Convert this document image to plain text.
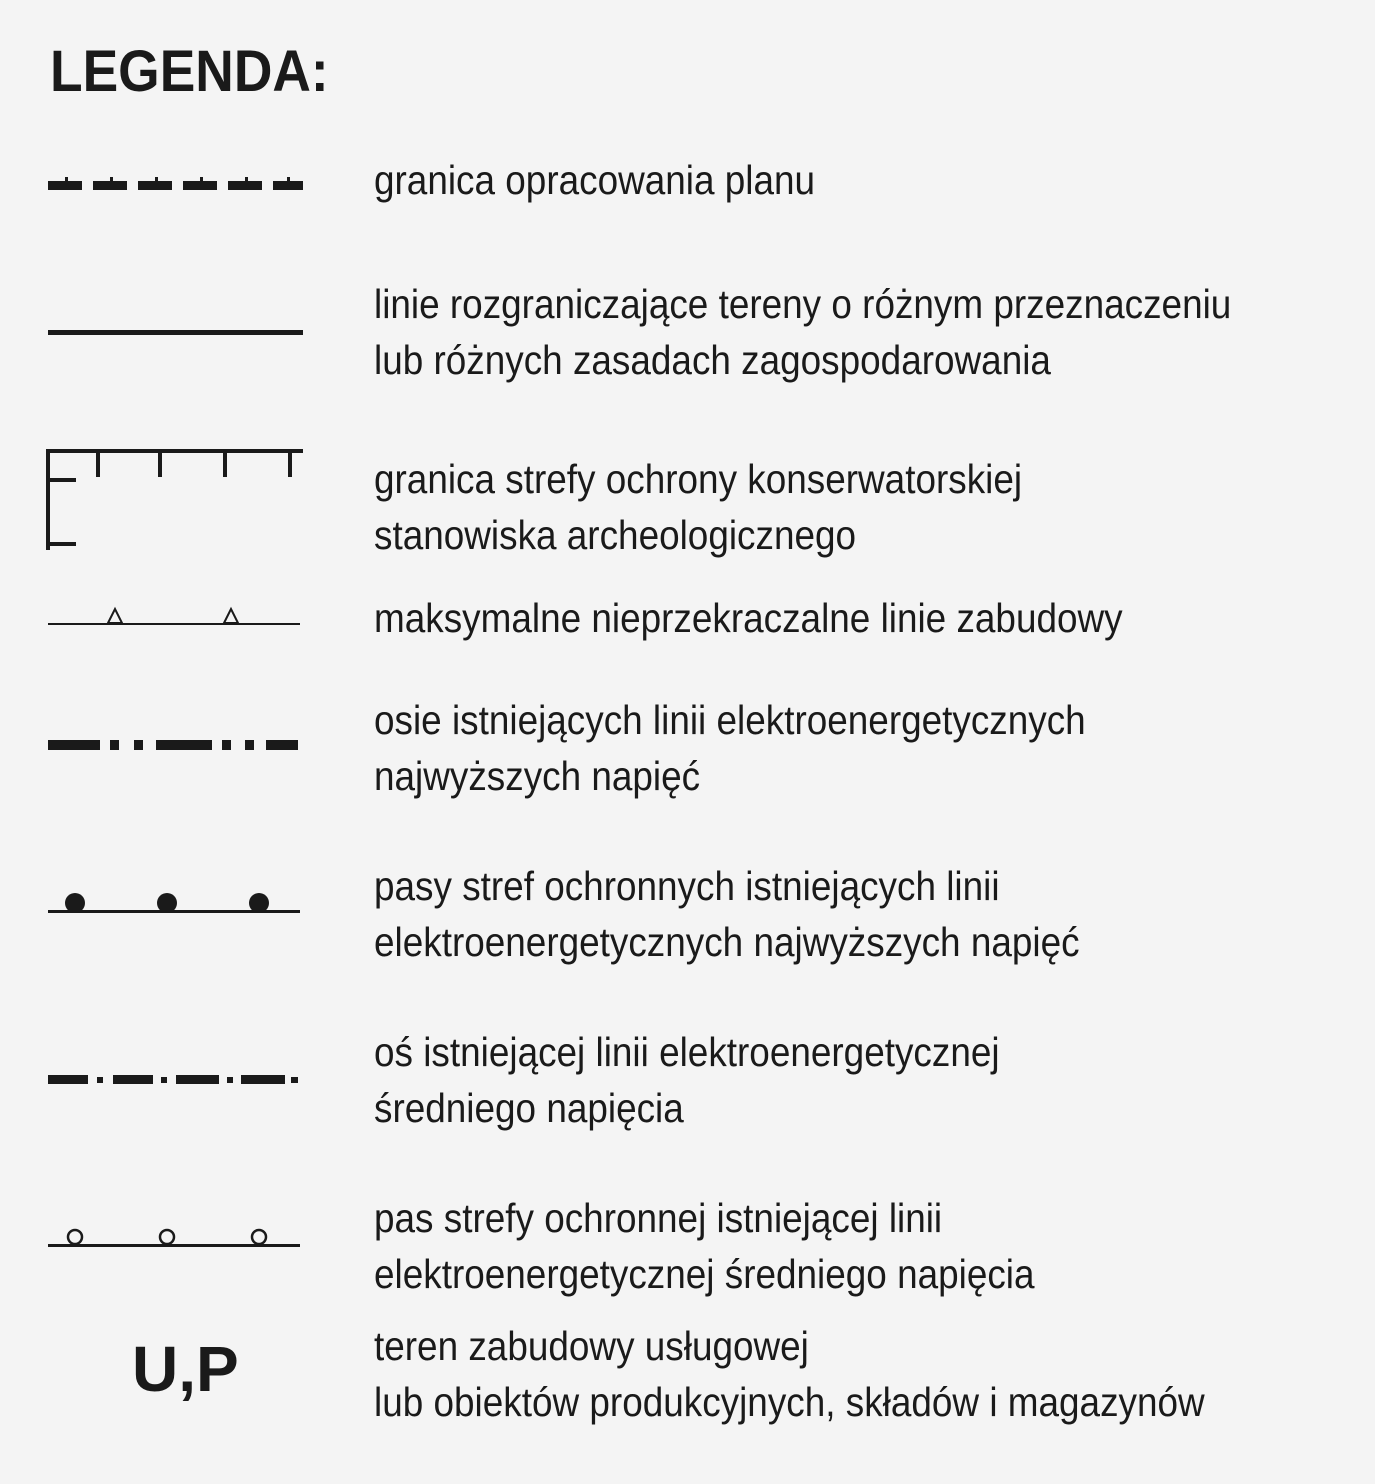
LEGENDA:
granica opracowania planu
linie rozgraniczające tereny o różnym przeznaczeniu
lub różnych zasadach zagospodarowania
granica strefy ochrony konserwatorskiej
stanowiska archeologicznego
maksymalne nieprzekraczalne linie zabudowy
osie istniejących linii elektroenergetycznych
najwyższych napięć
pasy stref ochronnych istniejących linii
elektroenergetycznych najwyższych napięć
oś istniejącej linii elektroenergetycznej
średniego napięcia
pas strefy ochronnej istniejącej linii
elektroenergetycznej średniego napięcia
U,P	teren zabudowy usługowej
lub obiektów produkcyjnych, składów i magazynów
